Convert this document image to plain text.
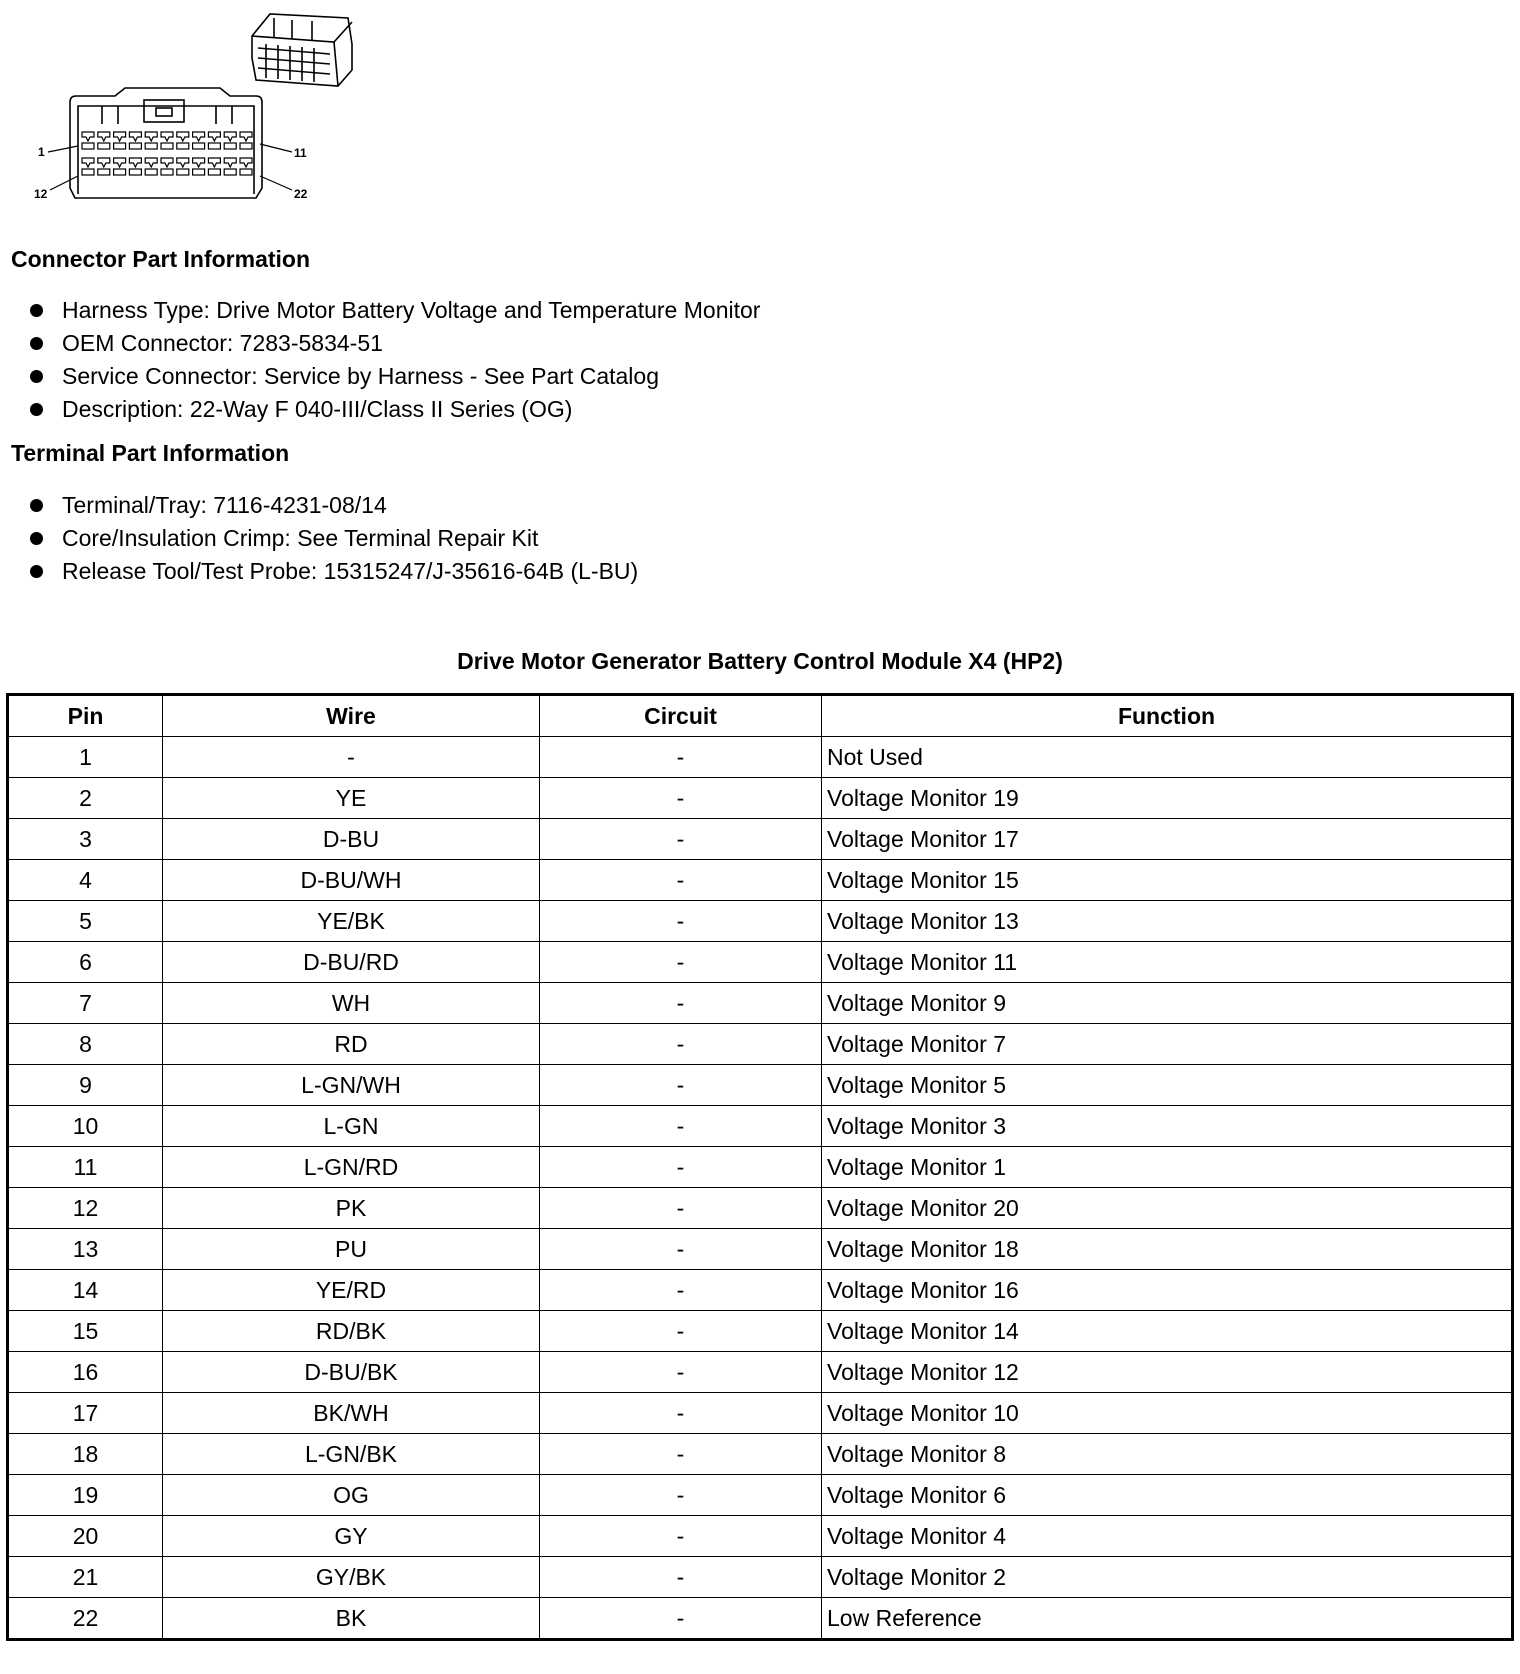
1	11
12	22
Connector Part Information
Harness Type: Drive Motor Battery Voltage and Temperature Monitor
OEM Connector: 7283-5834-51
Service Connector: Service by Harness - See Part Catalog
Description: 22-Way F 040-III/Class II Series (OG)
Terminal Part Information
Terminal/Tray: 7116-4231-08/14
Core/Insulation Crimp: See Terminal Repair Kit
Release Tool/Test Probe: 15315247/J-35616-64B (L-BU)
Drive Motor Generator Battery Control Module X4 (HP2)
Pin	Wire	Circuit	Function
1	-	-	Not Used
2	YE	-	Voltage Monitor 19
3	D-BU	-	Voltage Monitor 17
4	D-BU/WH	-	Voltage Monitor 15
5	YE/BK	-	Voltage Monitor 13
6	D-BU/RD	-	Voltage Monitor 11
7	WH	-	Voltage Monitor 9
8	RD	-	Voltage Monitor 7
9	L-GN/WH	-	Voltage Monitor 5
10	L-GN	-	Voltage Monitor 3
11	L-GN/RD	-	Voltage Monitor 1
12	PK	-	Voltage Monitor 20
13	PU	-	Voltage Monitor 18
14	YE/RD	-	Voltage Monitor 16
15	RD/BK	-	Voltage Monitor 14
16	D-BU/BK	-	Voltage Monitor 12
17	BK/WH	-	Voltage Monitor 10
18	L-GN/BK	-	Voltage Monitor 8
19	OG	-	Voltage Monitor 6
20	GY	-	Voltage Monitor 4
21	GY/BK	-	Voltage Monitor 2
22	BK	-	Low Reference
